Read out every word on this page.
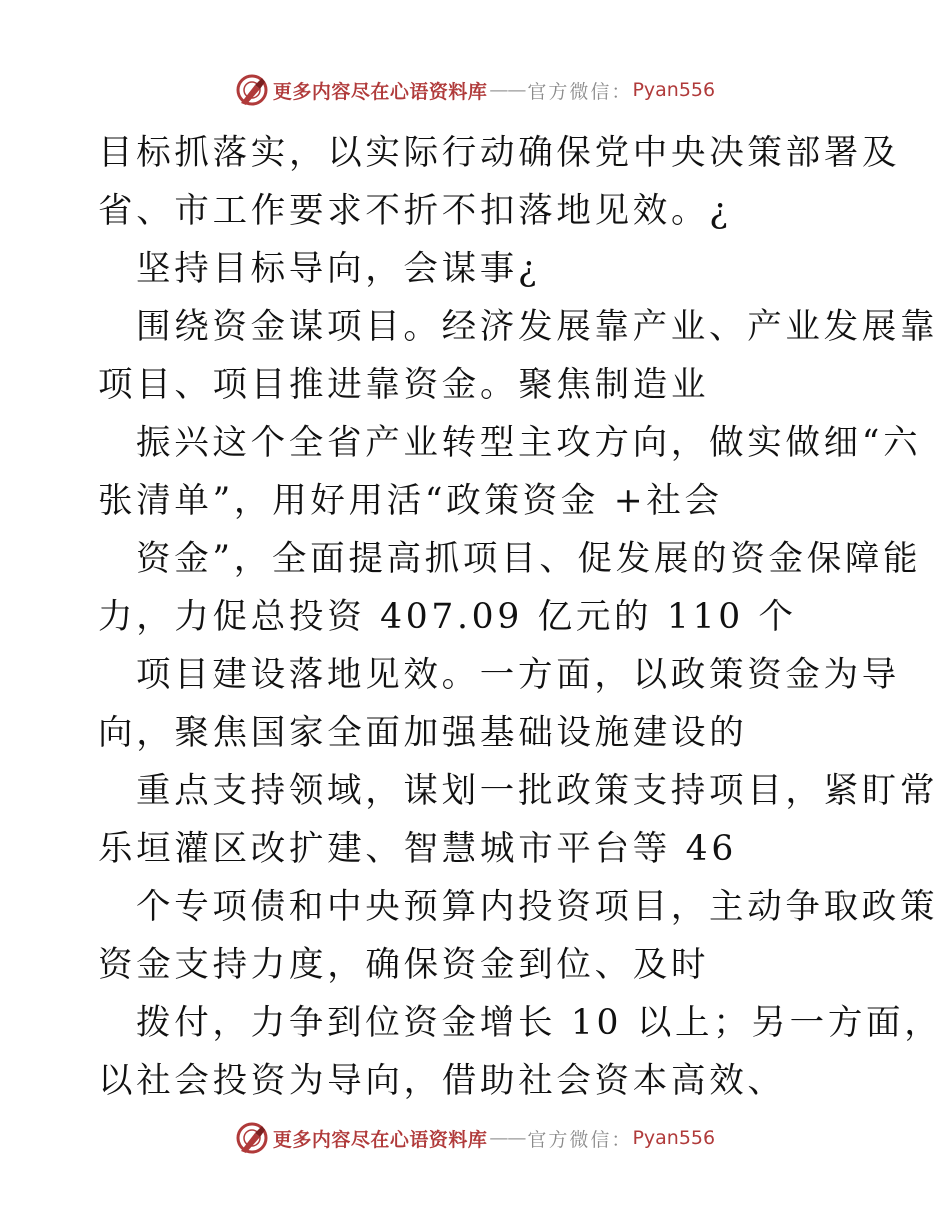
更多内容尽在心语资料库 —— 官方微信： Pyan556
目标抓落实，以实际行动确保党中央决策部署及
省、市工作要求不折不扣落地见效。¿
坚持目标导向，会谋事¿
围绕资金谋项目。经济发展靠产业、产业发展靠
项目、项目推进靠资金。聚焦制造业
振兴这个全省产业转型主攻方向，做实做细“六
张清单”，用好用活“政策资金 +社会
资金”，全面提高抓项目、促发展的资金保障能
力，力促总投资 407.09 亿元的 110 个
项目建设落地见效。一方面，以政策资金为导
向，聚焦国家全面加强基础设施建设的
重点支持领域，谋划一批政策支持项目，紧盯常
乐垣灌区改扩建、智慧城市平台等 46
个专项债和中央预算内投资项目，主动争取政策
资金支持力度，确保资金到位、及时
拨付，力争到位资金增长 10 以上；另一方面，
以社会投资为导向，借助社会资本高效、
更多内容尽在心语资料库 —— 官方微信： Pyan556
